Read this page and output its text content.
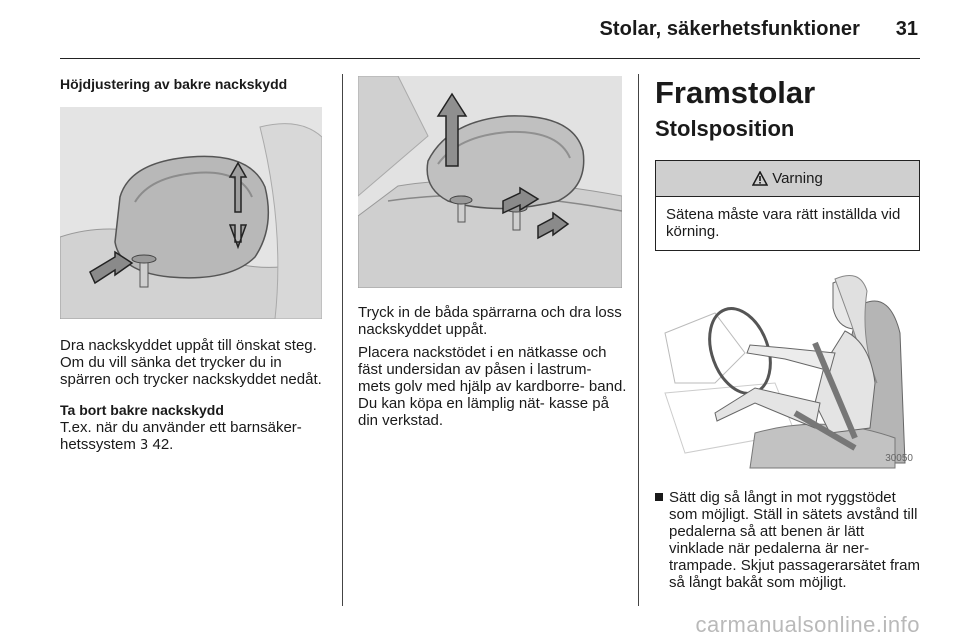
Stolar, säkerhetsfunktioner 31

Höjdjustering av bakre nackskydd

Dra nackskyddet uppåt till önskat steg. Om du vill sänka det trycker du in spärren och trycker nackskyddet nedåt.

Ta bort bakre nackskydd

T.ex. när du använder ett barnsäker- hetssystem 3 42.

Tryck in de båda spärrarna och dra loss nackskyddet uppåt.

Placera nackstödet i en nätkasse och fäst undersidan av påsen i lastrum- mets golv med hjälp av kardborre- band. Du kan köpa en lämplig nät- kasse på din verkstad.

Framstolar
Stolsposition
Varning
Sätena måste vara rätt inställda vid körning.
30050
Sätt dig så långt in mot ryggstödet som möjligt. Ställ in sätets avstånd till pedalerna så att benen är lätt vinklade när pedalerna är ner- trampade. Skjut passagerarsätet fram så långt bakåt som möjligt.
carmanualsonline.info
